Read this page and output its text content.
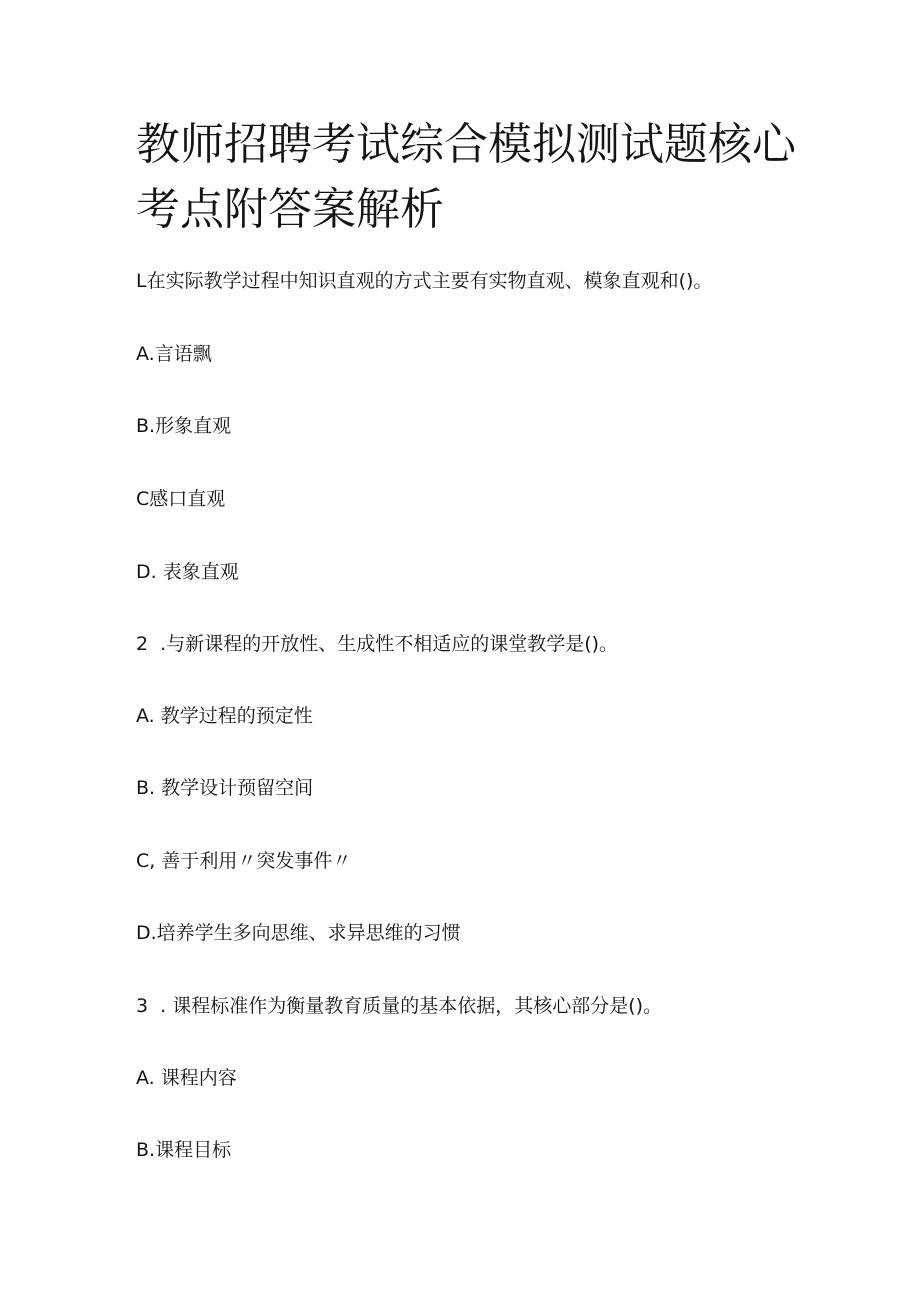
教师招聘考试综合模拟测试题核心
考点附答案解析
L在实际教学过程中知识直观的方式主要有实物直观、模象直观和()。
A.言语飘
B.形象直观
C感口直观
D. 表象直观
2  .与新课程的开放性、生成性不相适应的课堂教学是()。
A. 教学过程的预定性
B. 教学设计预留空间
C, 善于利用〃突发事件〃
D.培养学生多向思维、求异思维的习惯
3  . 课程标准作为衡量教育质量的基本依据，其核心部分是()。
A. 课程内容
B.课程目标
